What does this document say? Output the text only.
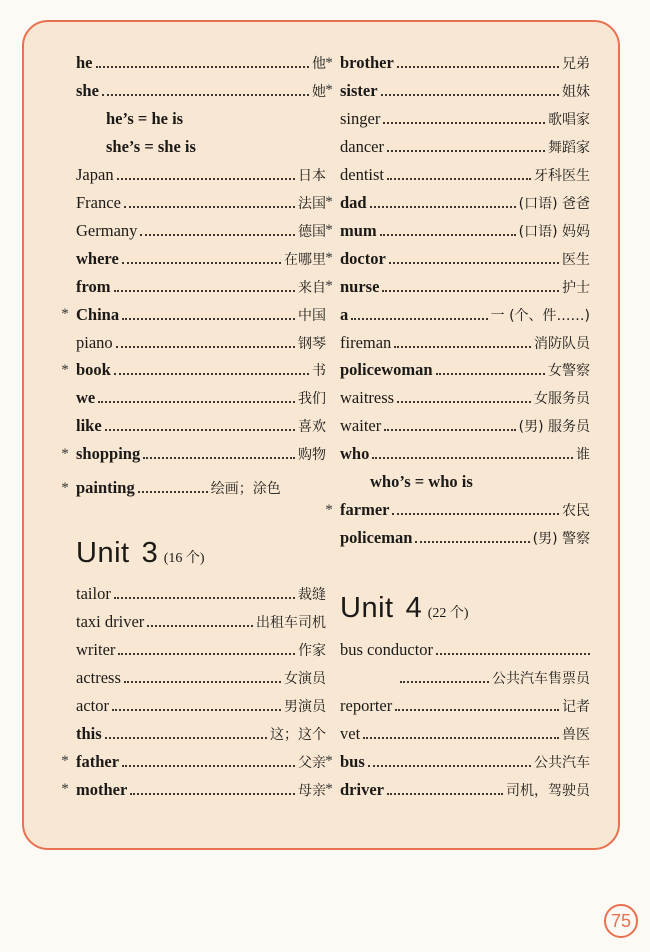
he	他
she	她
he’s = he is
she’s = she is
Japan	日本
France	法国
Germany	德国
where	在哪里
from	来自
* China	中国
piano	钢琴
* book	书
we	我们
like	喜欢
* shopping	购物
* painting	绘画；涂色
Unit 3 (16 个)
tailor	裁缝
taxi driver	出租车司机
writer	作家
actress	女演员
actor	男演员
this	这；这个
* father	父亲
* mother	母亲
* brother	兄弟
* sister	姐妹
singer	歌唱家
dancer	舞蹈家
dentist	牙科医生
* dad	(口语) 爸爸
* mum	(口语) 妈妈
* doctor	医生
* nurse	护士
a	一 (个、件……)
fireman	消防队员
policewoman	女警察
waitress	女服务员
waiter	(男) 服务员
who	谁
who’s = who is
* farmer	农民
policeman	(男) 警察
Unit 4 (22 个)
bus conductor
公共汽车售票员
reporter	记者
vet	兽医
* bus	公共汽车
* driver	司机，驾驶员
75
